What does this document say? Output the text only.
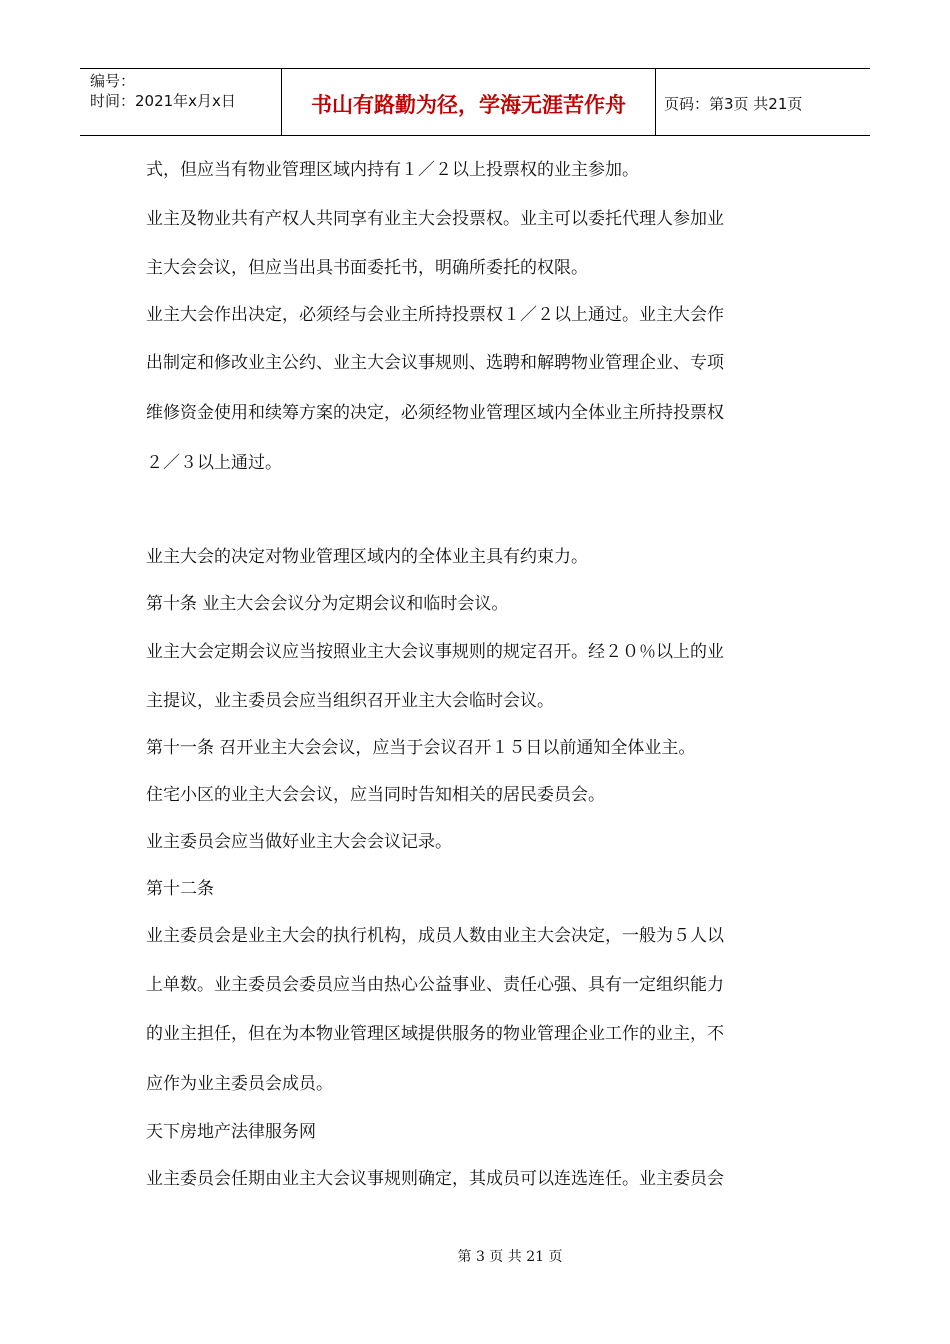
编号：
时间：2021年x月x日	书山有路勤为径，学海无涯苦作舟	页码：第3页 共21页
式，但应当有物业管理区域内持有１／２以上投票权的业主参加。
业主及物业共有产权人共同享有业主大会投票权。业主可以委托代理人参加业
主大会会议，但应当出具书面委托书，明确所委托的权限。
业主大会作出决定，必须经与会业主所持投票权１／２以上通过。业主大会作
出制定和修改业主公约、业主大会议事规则、选聘和解聘物业管理企业、专项
维修资金使用和续筹方案的决定，必须经物业管理区域内全体业主所持投票权
２／３以上通过。
业主大会的决定对物业管理区域内的全体业主具有约束力。
第十条 业主大会会议分为定期会议和临时会议。
业主大会定期会议应当按照业主大会议事规则的规定召开。经２０％以上的业
主提议，业主委员会应当组织召开业主大会临时会议。
第十一条 召开业主大会会议，应当于会议召开１５日以前通知全体业主。
住宅小区的业主大会会议，应当同时告知相关的居民委员会。
业主委员会应当做好业主大会会议记录。
第十二条
业主委员会是业主大会的执行机构，成员人数由业主大会决定，一般为５人以
上单数。业主委员会委员应当由热心公益事业、责任心强、具有一定组织能力
的业主担任，但在为本物业管理区域提供服务的物业管理企业工作的业主，不
应作为业主委员会成员。
天下房地产法律服务网
业主委员会任期由业主大会议事规则确定，其成员可以连选连任。业主委员会
第 3 页 共 21 页
